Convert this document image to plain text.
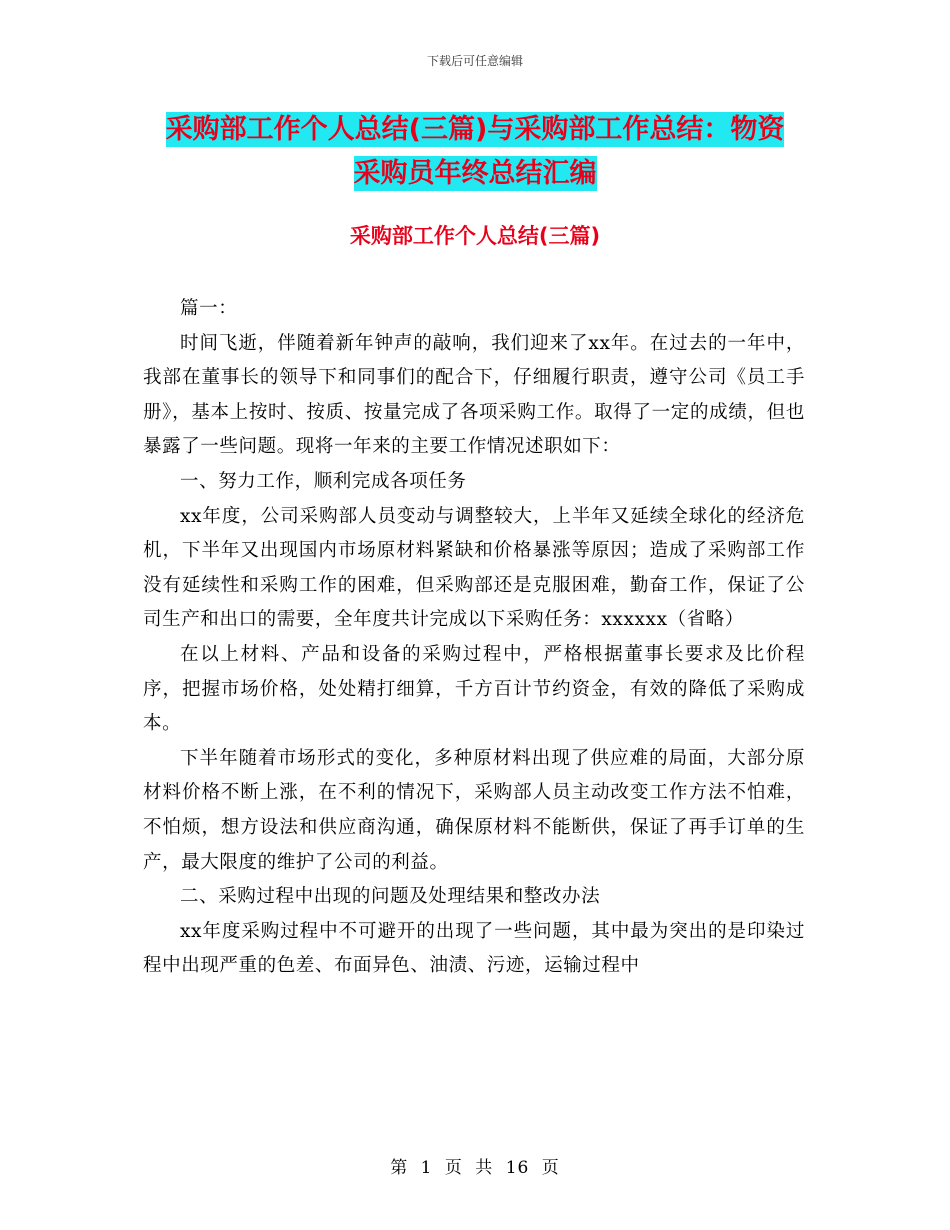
下载后可任意编辑
采购部工作个人总结(三篇)与采购部工作总结：物资
采购员年终总结汇编
采购部工作个人总结(三篇)

篇一：

时间飞逝，伴随着新年钟声的敲响，我们迎来了xx年。在过去的一年中，我部在董事长的领导下和同事们的配合下，仔细履行职责，遵守公司《员工手册》，基本上按时、按质、按量完成了各项采购工作。取得了一定的成绩，但也暴露了一些问题。现将一年来的主要工作情况述职如下：

一、努力工作，顺利完成各项任务

xx年度，公司采购部人员变动与调整较大，上半年又延续全球化的经济危机，下半年又出现国内市场原材料紧缺和价格暴涨等原因；造成了采购部工作没有延续性和采购工作的困难，但采购部还是克服困难，勤奋工作，保证了公司生产和出口的需要，全年度共计完成以下采购任务：xxxxxx（省略）

在以上材料、产品和设备的采购过程中，严格根据董事长要求及比价程序，把握市场价格，处处精打细算，千方百计节约资金，有效的降低了采购成本。

下半年随着市场形式的变化，多种原材料出现了供应难的局面，大部分原材料价格不断上涨，在不利的情况下，采购部人员主动改变工作方法不怕难，不怕烦，想方设法和供应商沟通，确保原材料不能断供，保证了再手订单的生产，最大限度的维护了公司的利益。

二、采购过程中出现的问题及处理结果和整改办法

xx年度采购过程中不可避开的出现了一些问题，其中最为突出的是印染过程中出现严重的色差、布面异色、油渍、污迹，运输过程中

第 1 页 共 16 页
